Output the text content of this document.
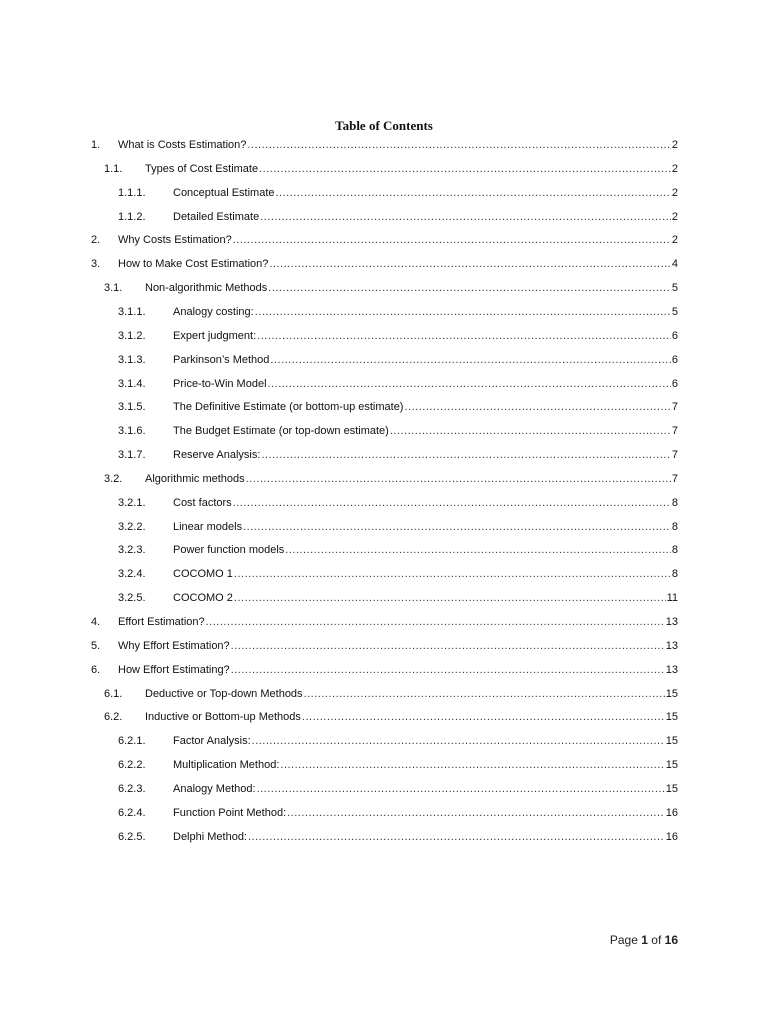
Table of Contents
1.	What is Costs Estimation? .....	2
1.1.	Types of Cost Estimate .....	2
1.1.1.	Conceptual Estimate .....	2
1.1.2.	Detailed Estimate .....	2
2.	Why Costs Estimation? .....	2
3.	How to Make Cost Estimation? .....	4
3.1.	Non-algorithmic Methods .....	5
3.1.1.	Analogy costing: .....	5
3.1.2.	Expert judgment: .....	6
3.1.3.	Parkinson’s Method .....	6
3.1.4.	Price-to-Win Model .....	6
3.1.5.	The Definitive Estimate (or bottom-up estimate) .....	7
3.1.6.	The Budget Estimate (or top-down estimate) .....	7
3.1.7.	Reserve Analysis: .....	7
3.2.	Algorithmic methods .....	7
3.2.1.	Cost factors .....	8
3.2.2.	Linear models .....	8
3.2.3.	Power function models .....	8
3.2.4.	COCOMO 1 .....	8
3.2.5.	COCOMO 2 .....	11
4.	Effort Estimation? .....	13
5.	Why Effort Estimation? .....	13
6.	How Effort Estimating? .....	13
6.1.	Deductive or Top-down Methods .....	15
6.2.	Inductive or Bottom-up Methods .....	15
6.2.1.	Factor Analysis: .....	15
6.2.2.	Multiplication Method: .....	15
6.2.3.	Analogy Method: .....	15
6.2.4.	Function Point Method: .....	16
6.2.5.	Delphi Method: .....	16
Page 1 of 16
